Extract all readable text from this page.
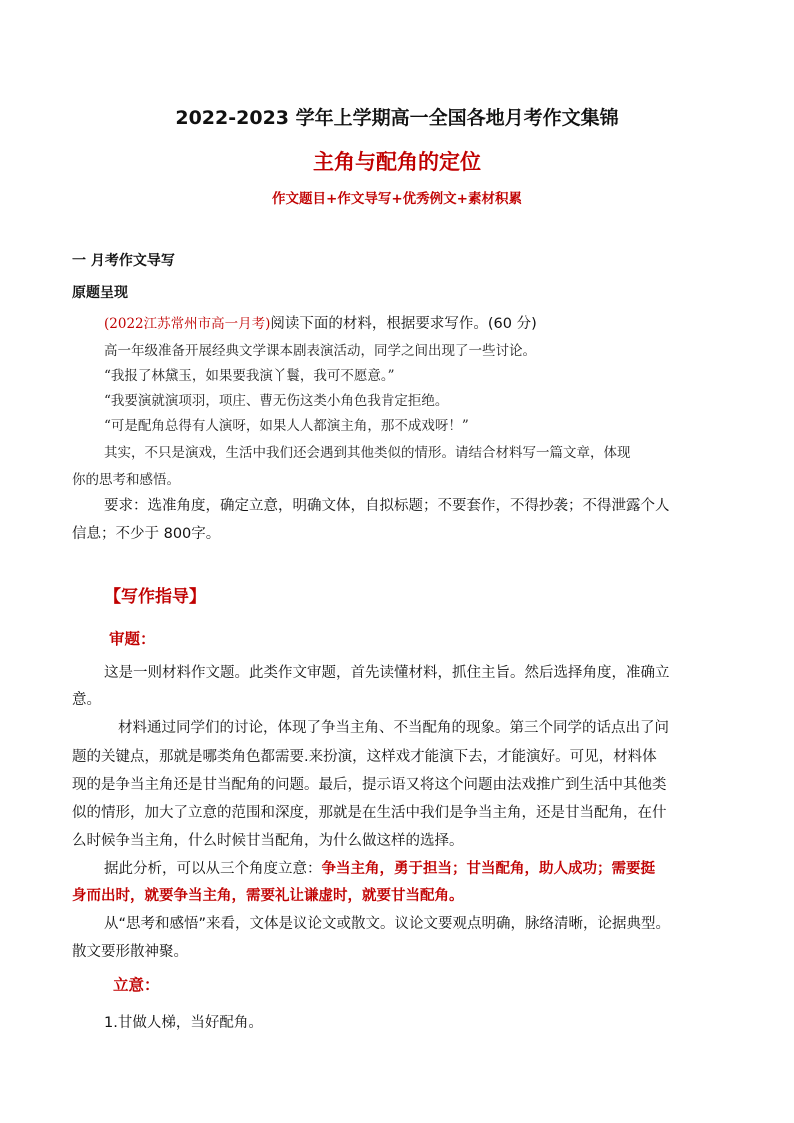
2022-2023 学年上学期高一全国各地月考作文集锦
主角与配角的定位
作文题目+作文导写+优秀例文+素材积累
一 月考作文导写
原题呈现
(2022江苏常州市高一月考)阅读下面的材料，根据要求写作。(60 分)
高一年级准备开展经典文学课本剧表演活动，同学之间出现了一些讨论。
“我报了林黛玉，如果要我演丫鬟，我可不愿意。”
“我要演就演项羽，项庄、曹无伤这类小角色我肯定拒绝。
“可是配角总得有人演呀，如果人人都演主角，那不成戏呀！”
其实，不只是演戏，生活中我们还会遇到其他类似的情形。请结合材料写一篇文章，体现
你的思考和感悟。
要求：选准角度，确定立意，明确文体，自拟标题；不要套作，不得抄袭；不得泄露个人
信息；不少于 800字。
【写作指导】
审题：
这是一则材料作文题。此类作文审题，首先读懂材料，抓住主旨。然后选择角度，准确立
意。
材料通过同学们的讨论，体现了争当主角、不当配角的现象。第三个同学的话点出了问
题的关键点，那就是哪类角色都需要.来扮演，这样戏才能演下去，才能演好。可见，材料体
现的是争当主角还是甘当配角的问题。最后，提示语又将这个问题由法戏推广到生活中其他类
似的情形，加大了立意的范围和深度，那就是在生活中我们是争当主角，还是甘当配角，在什
么时候争当主角，什么时候甘当配角，为什么做这样的选择。
据此分析，可以从三个角度立意：争当主角，勇于担当；甘当配角，助人成功；需要挺
身而出时，就要争当主角，需要礼让谦虚时，就要甘当配角。
从“思考和感悟”来看，文体是议论文或散文。议论文要观点明确，脉络清晰，论据典型。
散文要形散神聚。
立意：
1.甘做人梯，当好配角。
